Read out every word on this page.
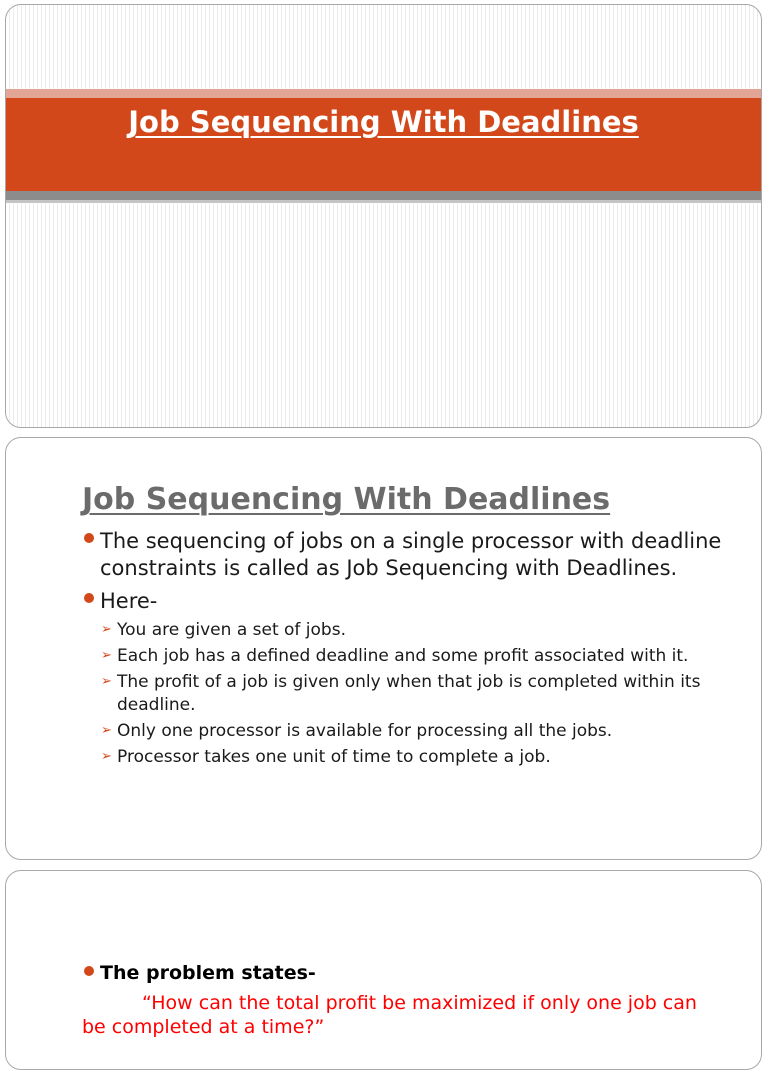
Job Sequencing With Deadlines
Job Sequencing With Deadlines
The sequencing of jobs on a single processor with deadline constraints is called as Job Sequencing with Deadlines.
Here-
➢ You are given a set of jobs.
➢ Each job has a defined deadline and some profit associated with it.
➢ The profit of a job is given only when that job is completed within its deadline.
➢ Only one processor is available for processing all the jobs.
➢ Processor takes one unit of time to complete a job.
The problem states-
“How can the total profit be maximized if only one job can be completed at a time?”
